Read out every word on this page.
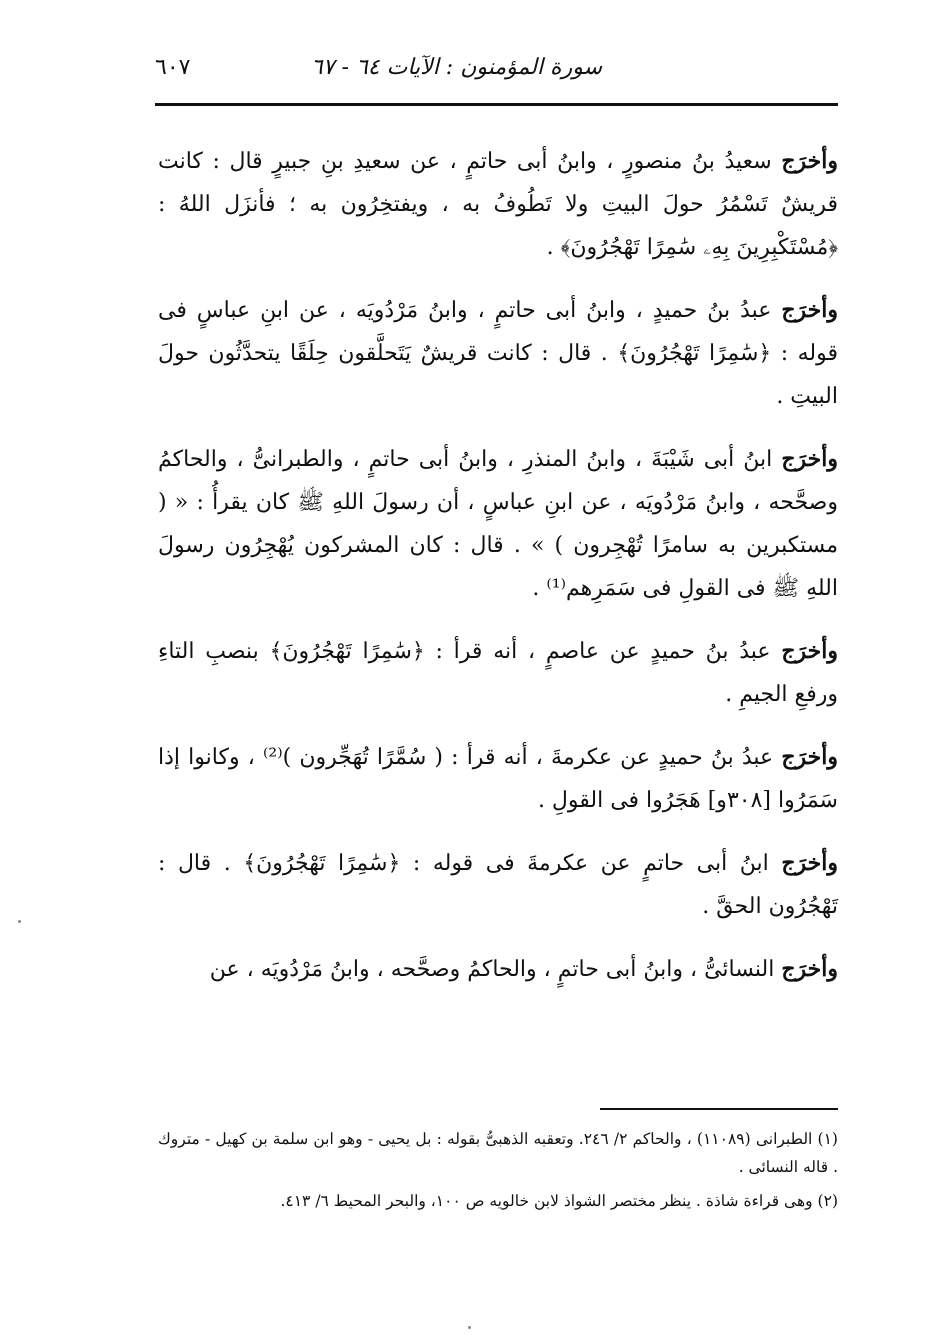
سورة المؤمنون : الآيات ٦٤ - ٦٧
٦٠٧

وأخرَج سعيدُ بنُ منصورٍ ، وابنُ أبى حاتمٍ ، عن سعيدِ بنِ جبيرٍ قال : كانت قريشٌ تَسْمُرُ حولَ البيتِ ولا تَطُوفُ به ، ويفتخِرُون به ؛ فأنزَل اللهُ : ﴿مُسْتَكْبِرِينَ بِهِۦ سَٰمِرًا تَهْجُرُونَ﴾ .

وأخرَج عبدُ بنُ حميدٍ ، وابنُ أبى حاتمٍ ، وابنُ مَرْدُويَه ، عن ابنِ عباسٍ فى قوله : ﴿سَٰمِرًا تَهْجُرُونَ﴾ . قال : كانت قريشٌ يَتَحلَّقون حِلَقًا يتحدَّثُون حولَ البيتِ .

وأخرَج ابنُ أبى شَيْبَةَ ، وابنُ المنذرِ ، وابنُ أبى حاتمٍ ، والطبرانىُّ ، والحاكمُ وصحَّحه ، وابنُ مَرْدُويَه ، عن ابنِ عباسٍ ، أن رسولَ اللهِ ﷺ كان يقرأُ : « ( مستكبرين به سامرًا تُهْجِرون ) » . قال : كان المشركون يُهْجِرُون رسولَ اللهِ ﷺ فى القولِ فى سَمَرِهم⁽¹⁾ .

وأخرَج عبدُ بنُ حميدٍ عن عاصمٍ ، أنه قرأ : ﴿سَٰمِرًا تَهْجُرُونَ﴾ بنصبِ التاءِ ورفعِ الجيمِ .

وأخرَج عبدُ بنُ حميدٍ عن عكرمةَ ، أنه قرأ : ( سُمَّرًا تُهَجِّرون )⁽²⁾ ، وكانوا إذا سَمَرُوا [٣٠٨و] هَجَرُوا فى القولِ .

وأخرَج ابنُ أبى حاتمٍ عن عكرمةَ فى قوله : ﴿سَٰمِرًا تَهْجُرُونَ﴾ . قال : تَهْجُرُون الحقَّ .

وأخرَج النسائىُّ ، وابنُ أبى حاتمٍ ، والحاكمُ وصحَّحه ، وابنُ مَرْدُويَه ، عن

(١) الطبرانى (١١٠٨٩) ، والحاكم ٢/ ٢٤٦. وتعقبه الذهبىُّ بقوله : بل يحيى - وهو ابن سلمة بن كهيل - متروك . قاله النسائى .

(٢) وهى قراءة شاذة . ينظر مختصر الشواذ لابن خالويه ص ١٠٠، والبحر المحيط ٦/ ٤١٣.
